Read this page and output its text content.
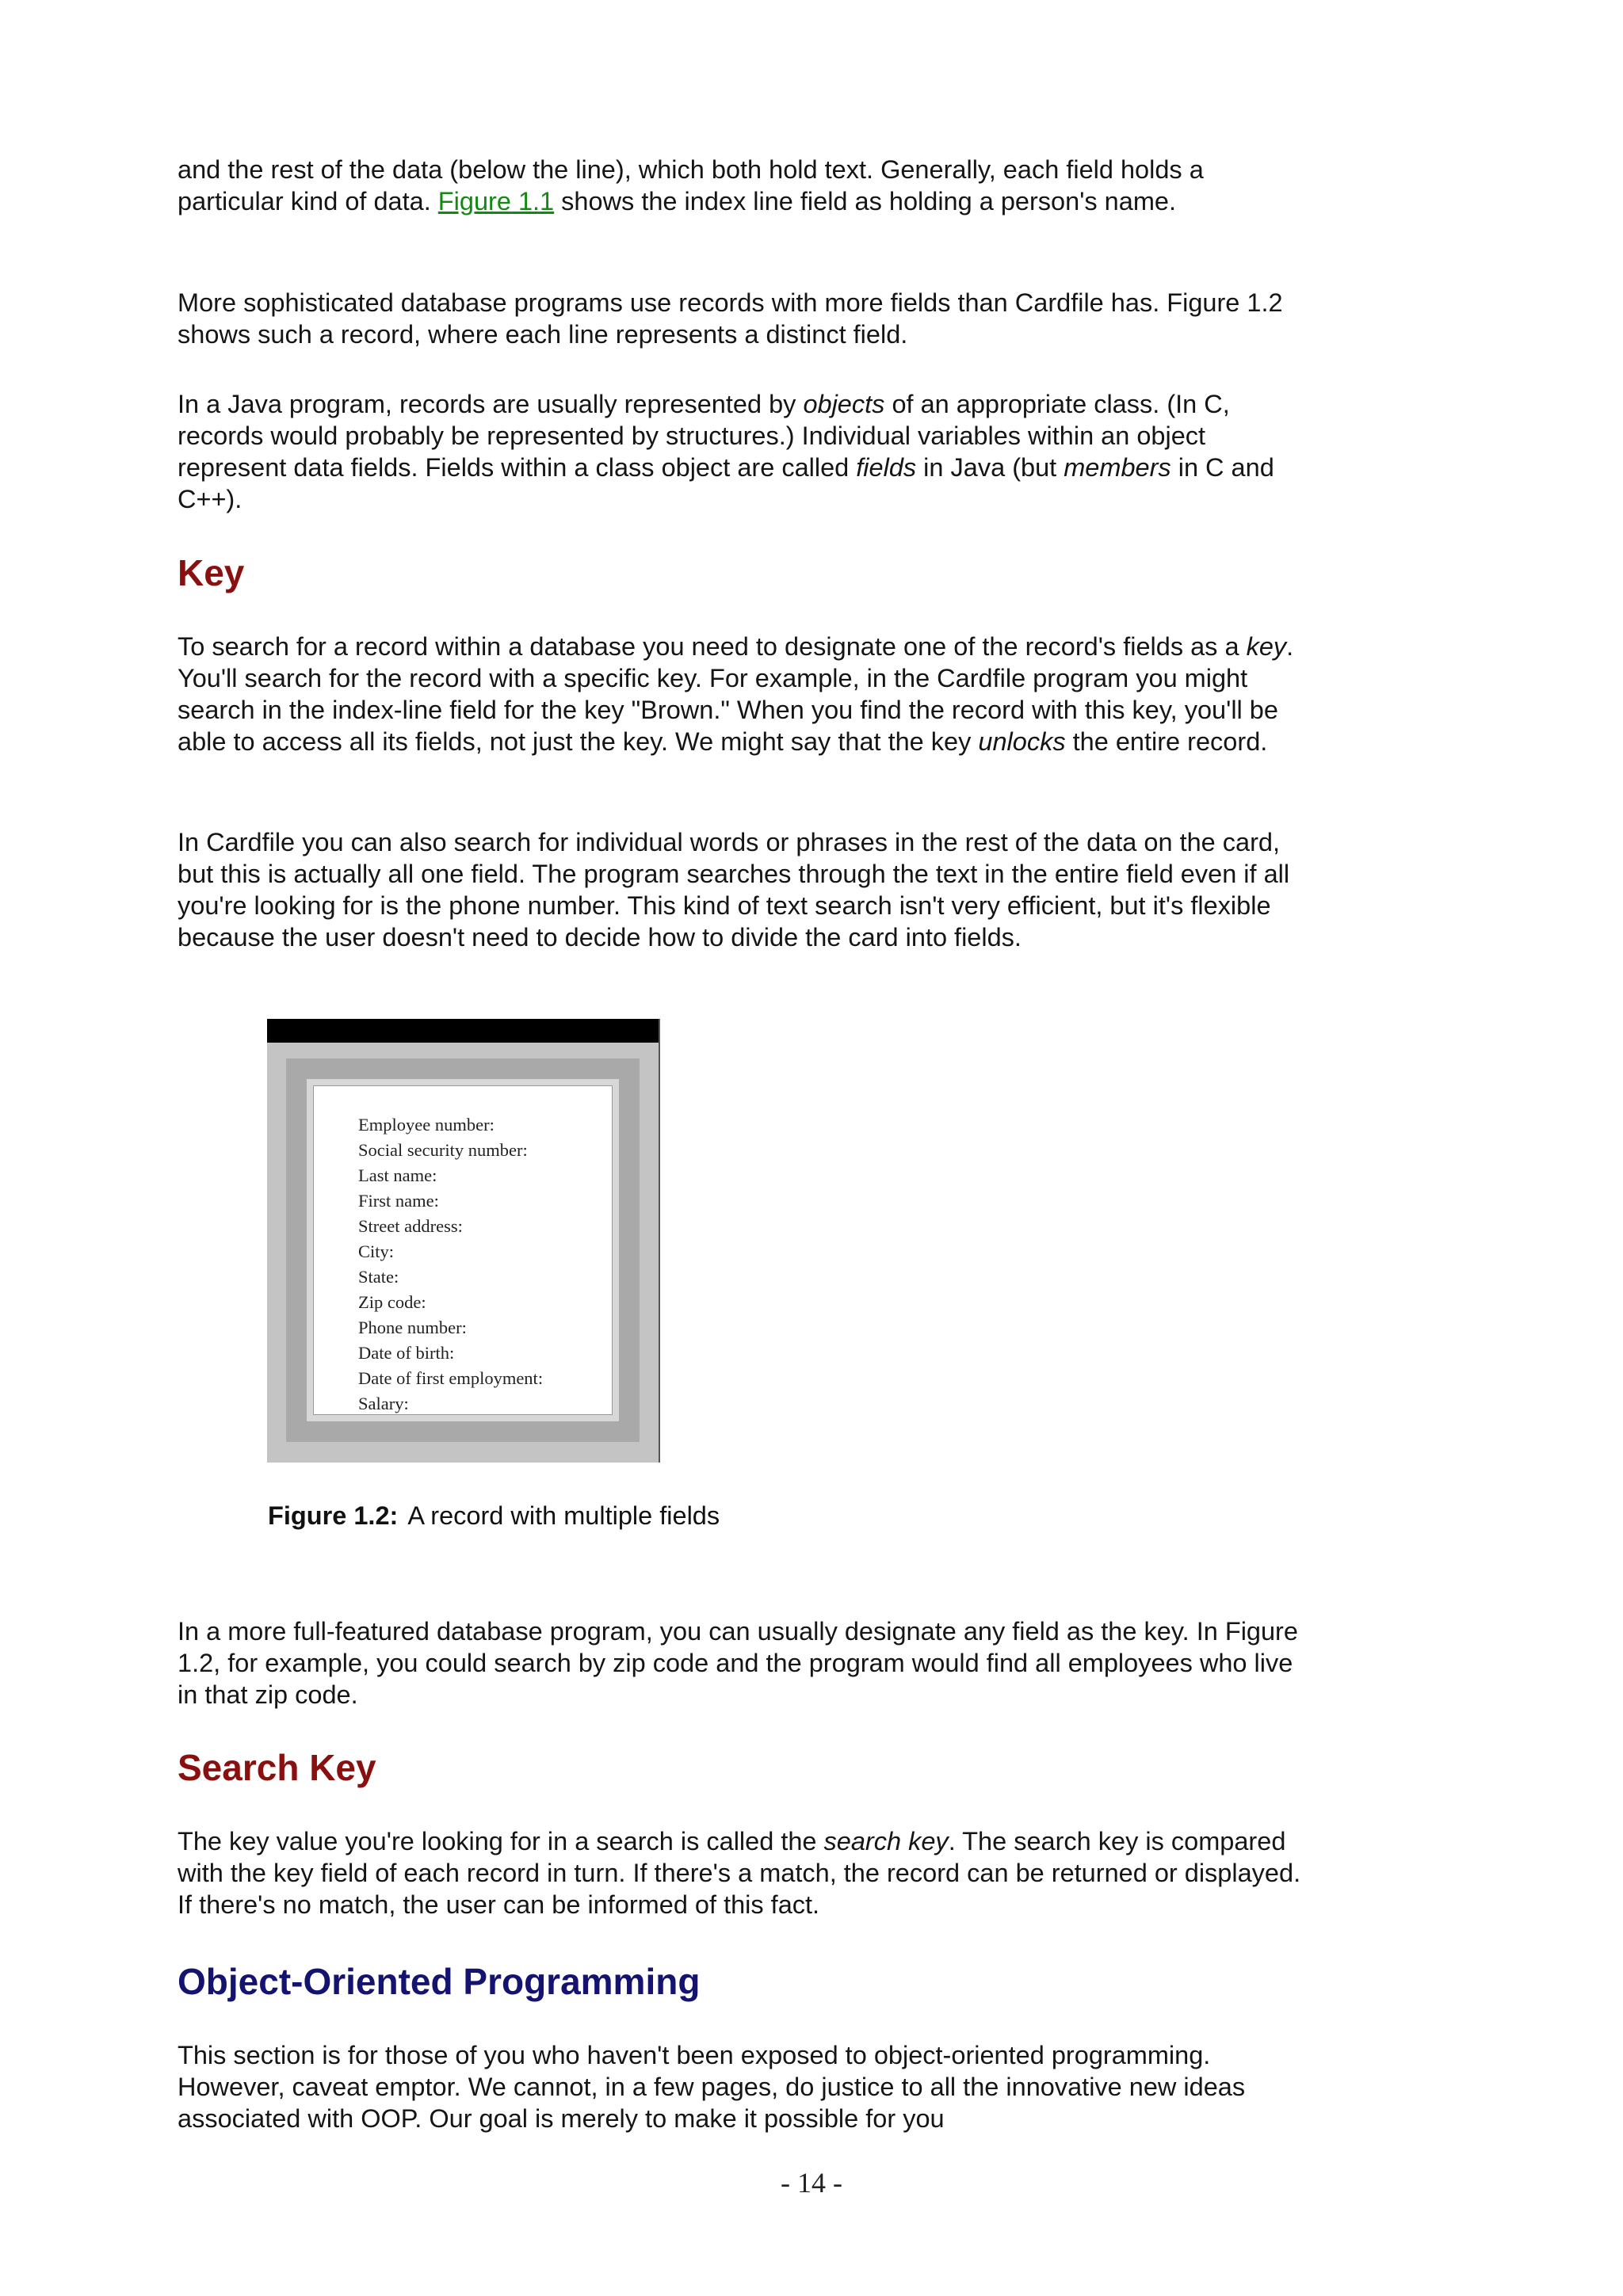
and the rest of the data (below the line), which both hold text. Generally, each field holds a particular kind of data. Figure 1.1 shows the index line field as holding a person's name.

More sophisticated database programs use records with more fields than Cardfile has. Figure 1.2 shows such a record, where each line represents a distinct field.

In a Java program, records are usually represented by objects of an appropriate class. (In C, records would probably be represented by structures.) Individual variables within an object represent data fields. Fields within a class object are called fields in Java (but members in C and C++).

Key

To search for a record within a database you need to designate one of the record's fields as a key. You'll search for the record with a specific key. For example, in the Cardfile program you might search in the index-line field for the key "Brown." When you find the record with this key, you'll be able to access all its fields, not just the key. We might say that the key unlocks the entire record.

In Cardfile you can also search for individual words or phrases in the rest of the data on the card, but this is actually all one field. The program searches through the text in the entire field even if all you're looking for is the phone number. This kind of text search isn't very efficient, but it's flexible because the user doesn't need to decide how to divide the card into fields.

Employee number:
Social security number:
Last name:
First name:
Street address:
City:
State:
Zip code:
Phone number:
Date of birth:
Date of first employment:
Salary:
Figure 1.2: A record with multiple fields

In a more full-featured database program, you can usually designate any field as the key. In Figure 1.2, for example, you could search by zip code and the program would find all employees who live in that zip code.

Search Key

The key value you're looking for in a search is called the search key. The search key is compared with the key field of each record in turn. If there's a match, the record can be returned or displayed. If there's no match, the user can be informed of this fact.

Object-Oriented Programming

This section is for those of you who haven't been exposed to object-oriented programming. However, caveat emptor. We cannot, in a few pages, do justice to all the innovative new ideas associated with OOP. Our goal is merely to make it possible for you

- 14 -
